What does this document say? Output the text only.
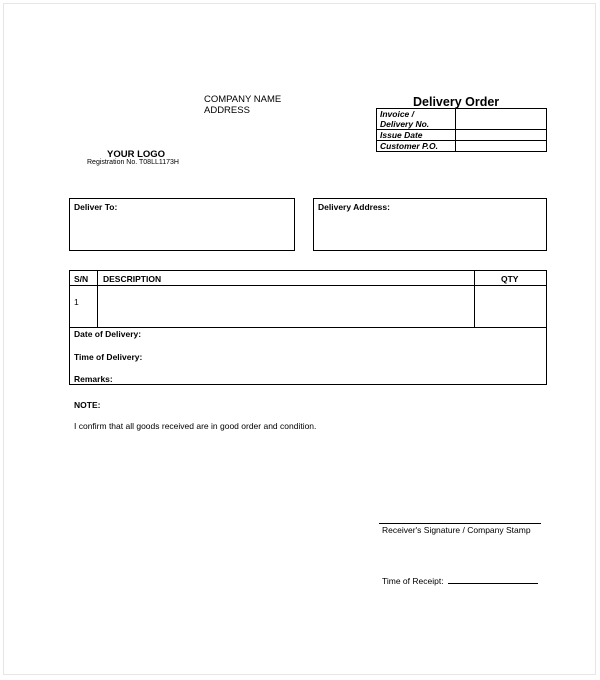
COMPANY NAME
ADDRESS
YOUR LOGO
Registration No. T08LL1173H
Delivery Order
Invoice /	
Delivery No.	
Issue Date	
Customer P.O.	
Deliver To:	Delivery Address:
S/N DESCRIPTION	QTY
1
Date of Delivery:
Time of Delivery:
Remarks:
NOTE:
I confirm that all goods received are in good order and condition.
Receiver's Signature / Company Stamp
Time of Receipt:
